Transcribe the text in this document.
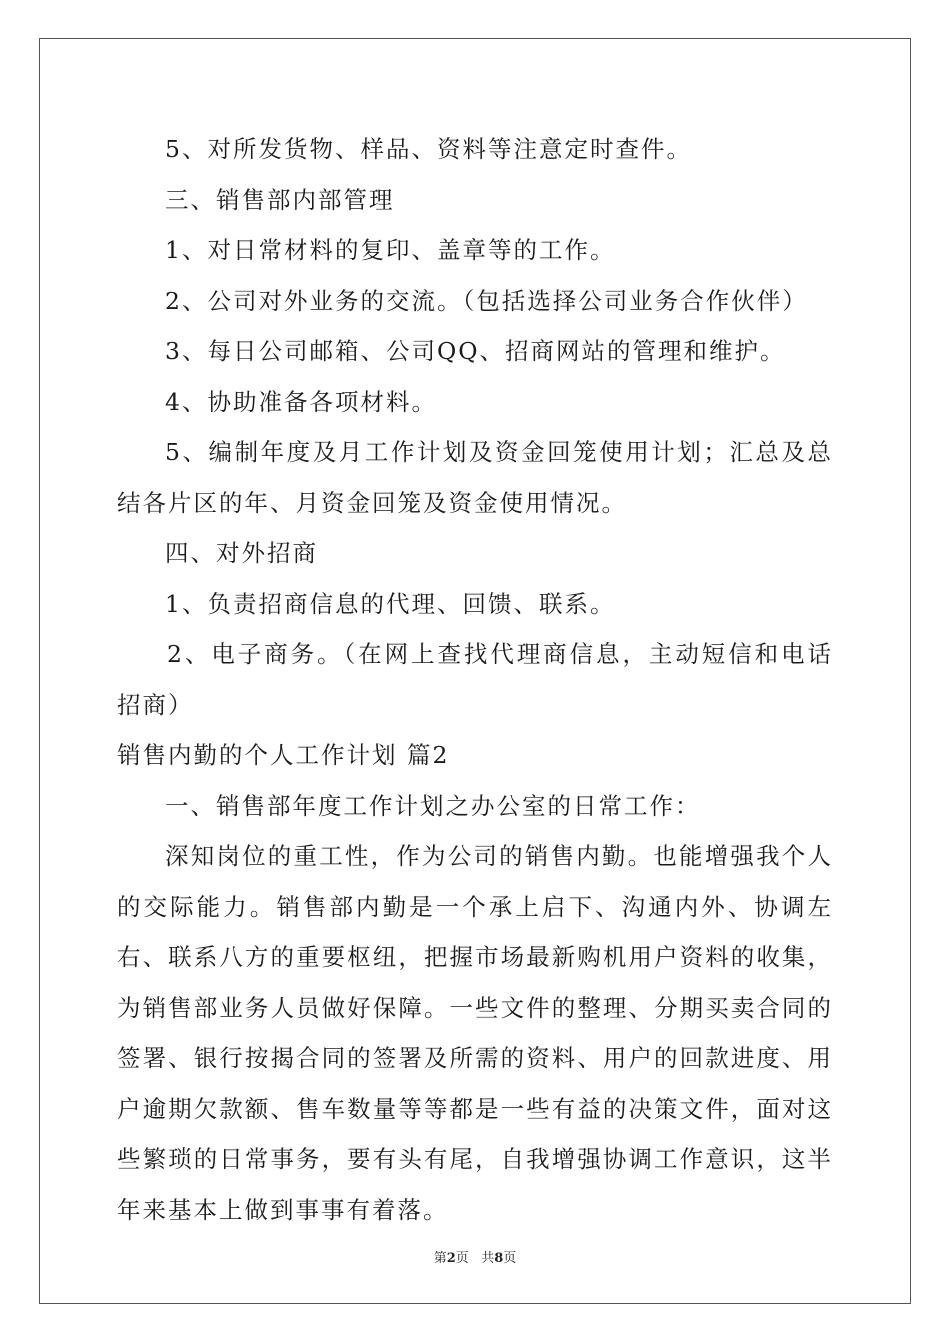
5、对所发货物、样品、资料等注意定时查件。

三、销售部内部管理

1、对日常材料的复印、盖章等的工作。

2、公司对外业务的交流。（包括选择公司业务合作伙伴）

3、每日公司邮箱、公司QQ、招商网站的管理和维护。

4、协助准备各项材料。

5、编制年度及月工作计划及资金回笼使用计划；汇总及总结各片区的年、月资金回笼及资金使用情况。

四、对外招商

1、负责招商信息的代理、回馈、联系。

2、电子商务。（在网上查找代理商信息，主动短信和电话招商）

销售内勤的个人工作计划 篇2

一、销售部年度工作计划之办公室的日常工作：

深知岗位的重工性，作为公司的销售内勤。也能增强我个人的交际能力。销售部内勤是一个承上启下、沟通内外、协调左右、联系八方的重要枢纽，把握市场最新购机用户资料的收集，为销售部业务人员做好保障。一些文件的整理、分期买卖合同的签署、银行按揭合同的签署及所需的资料、用户的回款进度、用户逾期欠款额、售车数量等等都是一些有益的决策文件，面对这些繁琐的日常事务，要有头有尾，自我增强协调工作意识，这半年来基本上做到事事有着落。

第2页 共8页
